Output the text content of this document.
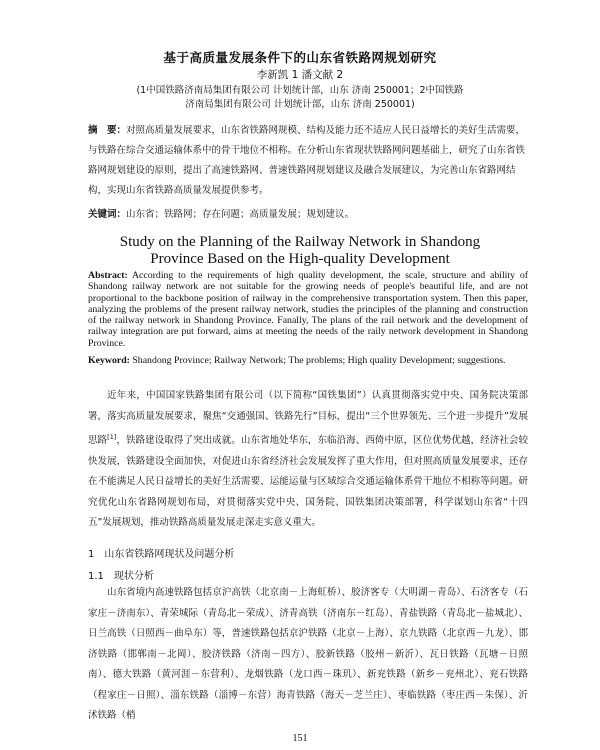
基于高质量发展条件下的山东省铁路网规划研究
李新凯 1 潘文献 2
(1中国铁路济南局集团有限公司 计划统计部，山东 济南 250001；2中国铁路
济南局集团有限公司 计划统计部，山东 济南 250001)
摘　要：对照高质量发展要求，山东省铁路网规模、结构及能力还不适应人民日益增长的美好生活需要，与铁路在综合交通运输体系中的骨干地位不相称。在分析山东省现状铁路网问题基础上，研究了山东省铁路网规划建设的原则，提出了高速铁路网、普速铁路网规划建议及融合发展建议，为完善山东省路网结构，实现山东省铁路高质量发展提供参考。
关键词：山东省；铁路网；存在问题；高质量发展；规划建议。
Study on the Planning of the Railway Network in Shandong
Province Based on the High-quality Development
Abstract: According to the requirements of high quality development, the scale, structure and ability of Shandong railway network are not suitable for the growing needs of people's beautiful life, and are not proportional to the backbone position of railway in the comprehensive transportation system. Then this paper, analyzing the problems of the present railway network, studies the principles of the planning and construction of the railway network in Shandong Province. Fanally, The plans of the rail network and the development of railway integration are put forward, aims at meeting the needs of the raily network development in Shandong Province.
Keyword: Shandong Province; Railway Network; The problems; High quality Development; suggestions.
近年来，中国国家铁路集团有限公司（以下简称“国铁集团”）认真贯彻落实党中央、国务院决策部署，落实高质量发展要求，聚焦“交通强国、铁路先行”目标，提出“三个世界领先、三个进一步提升”发展思路[1]，铁路建设取得了突出成就。山东省地处华东，东临沿海、西倚中原，区位优势优越，经济社会较快发展，铁路建设全面加快，对促进山东省经济社会发展发挥了重大作用，但对照高质量发展要求，还存在不能满足人民日益增长的美好生活需要、运能运量与区域综合交通运输体系骨干地位不相称等问题。研究优化山东省路网规划布局，对贯彻落实党中央、国务院、国铁集团决策部署，科学谋划山东省“十四五”发展规划，推动铁路高质量发展走深走实意义重大。
1　山东省铁路网现状及问题分析
1.1　现状分析
山东省境内高速铁路包括京沪高铁（北京南－上海虹桥）、胶济客专（大明湖－青岛）、石济客专（石家庄－济南东）、青荣城际（青岛北－荣成）、济青高铁（济南东－红岛）、青盐铁路（青岛北－盐城北）、日兰高铁（日照西－曲阜东）等，普速铁路包括京沪铁路（北京－上海）、京九铁路（北京西－九龙）、邯济铁路（邯郸南－北岡）、胶济铁路（济南－四方）、胶新铁路（胶州－新沂）、瓦日铁路（瓦塘－日照南）、德大铁路（黄河涯－东营利）、龙烟铁路（龙口西－珠玑）、新兖铁路（新乡－兖州北）、兖石铁路（程家庄－日照）、淄东铁路（淄博－东营）海青铁路（海天－芝兰庄）、枣临铁路（枣庄西－朱保）、沂沭铁路（梢
151
